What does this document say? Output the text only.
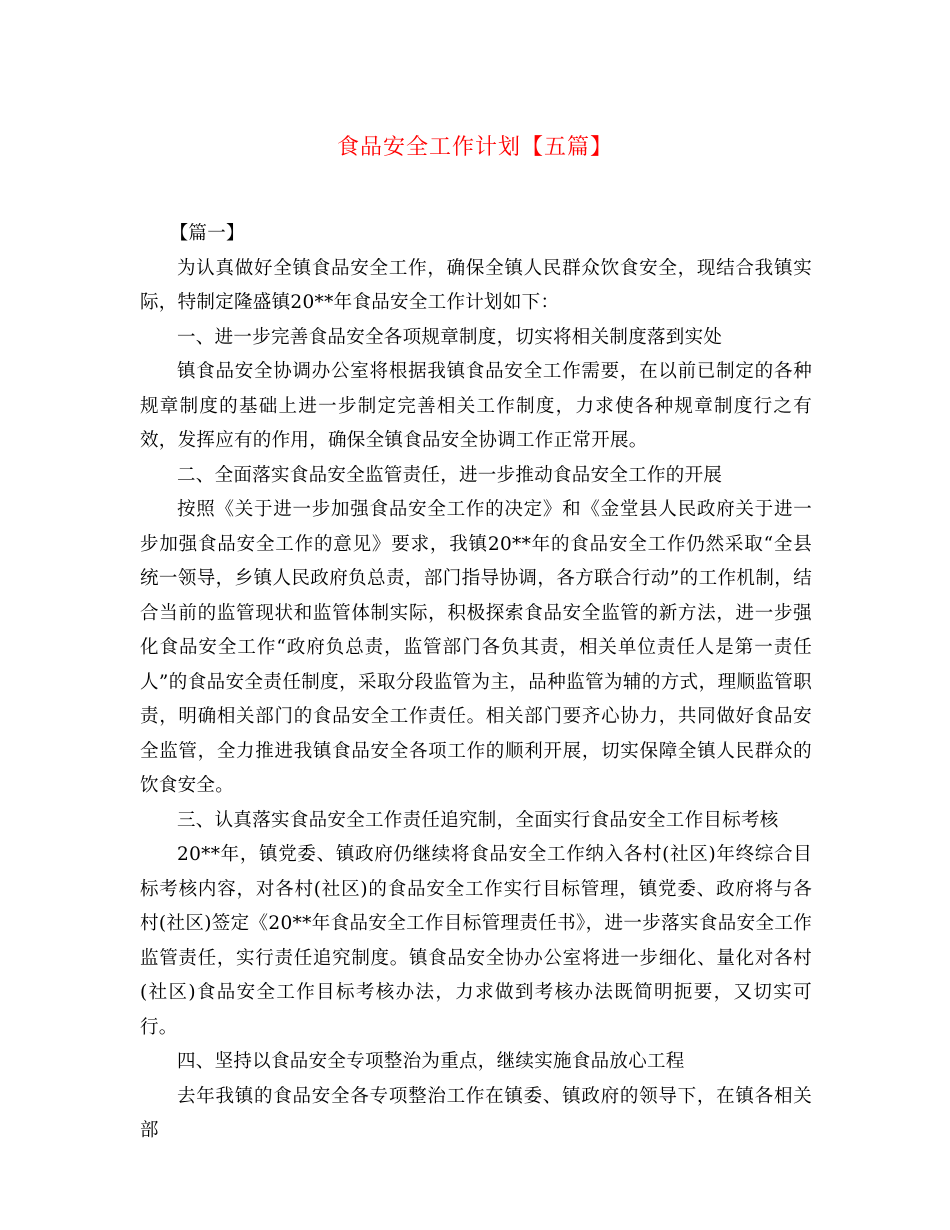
食品安全工作计划【五篇】

【篇一】

为认真做好全镇食品安全工作，确保全镇人民群众饮食安全，现结合我镇实际，特制定隆盛镇20**年食品安全工作计划如下：

一、进一步完善食品安全各项规章制度，切实将相关制度落到实处

镇食品安全协调办公室将根据我镇食品安全工作需要，在以前已制定的各种规章制度的基础上进一步制定完善相关工作制度，力求使各种规章制度行之有效，发挥应有的作用，确保全镇食品安全协调工作正常开展。

二、全面落实食品安全监管责任，进一步推动食品安全工作的开展

按照《关于进一步加强食品安全工作的决定》和《金堂县人民政府关于进一步加强食品安全工作的意见》要求，我镇20**年的食品安全工作仍然采取“全县统一领导，乡镇人民政府负总责，部门指导协调，各方联合行动”的工作机制，结合当前的监管现状和监管体制实际，积极探索食品安全监管的新方法，进一步强化食品安全工作“政府负总责，监管部门各负其责，相关单位责任人是第一责任人”的食品安全责任制度，采取分段监管为主，品种监管为辅的方式，理顺监管职责，明确相关部门的食品安全工作责任。相关部门要齐心协力，共同做好食品安全监管，全力推进我镇食品安全各项工作的顺利开展，切实保障全镇人民群众的饮食安全。

三、认真落实食品安全工作责任追究制，全面实行食品安全工作目标考核

20**年，镇党委、镇政府仍继续将食品安全工作纳入各村(社区)年终综合目标考核内容，对各村(社区)的食品安全工作实行目标管理，镇党委、政府将与各村(社区)签定《20**年食品安全工作目标管理责任书》，进一步落实食品安全工作监管责任，实行责任追究制度。镇食品安全协办公室将进一步细化、量化对各村(社区)食品安全工作目标考核办法，力求做到考核办法既简明扼要，又切实可行。

四、坚持以食品安全专项整治为重点，继续实施食品放心工程

去年我镇的食品安全各专项整治工作在镇委、镇政府的领导下，在镇各相关部
